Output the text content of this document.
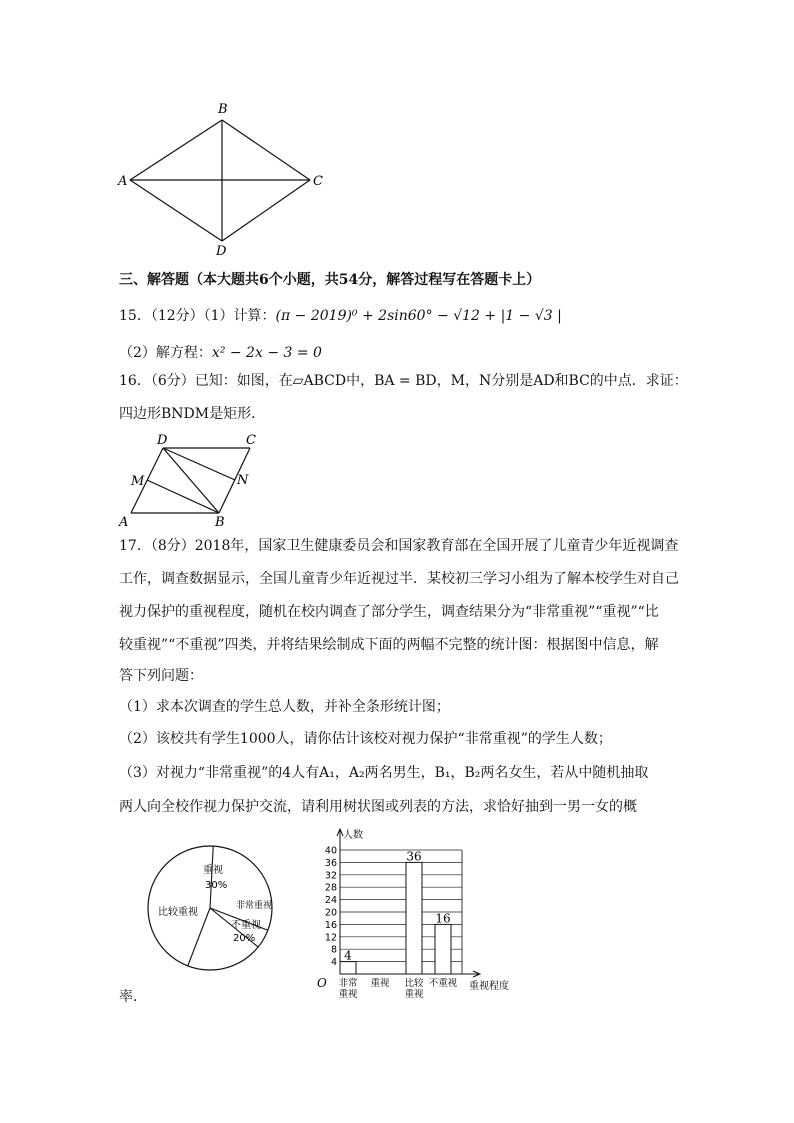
B
A	C
D
三、解答题（本大题共6个小题，共54分，解答过程写在答题卡上）
15．（12分）（1）计算：(π − 2019)⁰ + 2sin60° − √12 + |1 − √3 |
（2）解方程：x² − 2x − 3 = 0
16．（6分）已知：如图，在▱ABCD中，BA = BD，M，N分别是AD和BC的中点．求证：
四边形BNDM是矩形．
D	C
M	N
A	B
17．（8分）2018年，国家卫生健康委员会和国家教育部在全国开展了儿童青少年近视调查
工作，调查数据显示，全国儿童青少年近视过半．某校初三学习小组为了解本校学生对自己
视力保护的重视程度，随机在校内调查了部分学生，调查结果分为“非常重视”“重视”“比
较重视”“不重视”四类，并将结果绘制成下面的两幅不完整的统计图：根据图中信息，解
答下列问题：
（1）求本次调查的学生总人数，并补全条形统计图；
（2）该校共有学生1000人，请你估计该校对视力保护“非常重视”的学生人数；
（3）对视力“非常重视”的4人有A₁，A₂两名男生，B₁，B₂两名女生，若从中随机抽取
两人向全校作视力保护交流，请利用树状图或列表的方法，求恰好抽到一男一女的概
率．
重视
30%
非常重视
不重视
20%
比较重视
4
8
12
16
20
24
28
32
36
40
4
36
16
非常
重视
重视 比较
重视
不重视
人数
重视程度
O
